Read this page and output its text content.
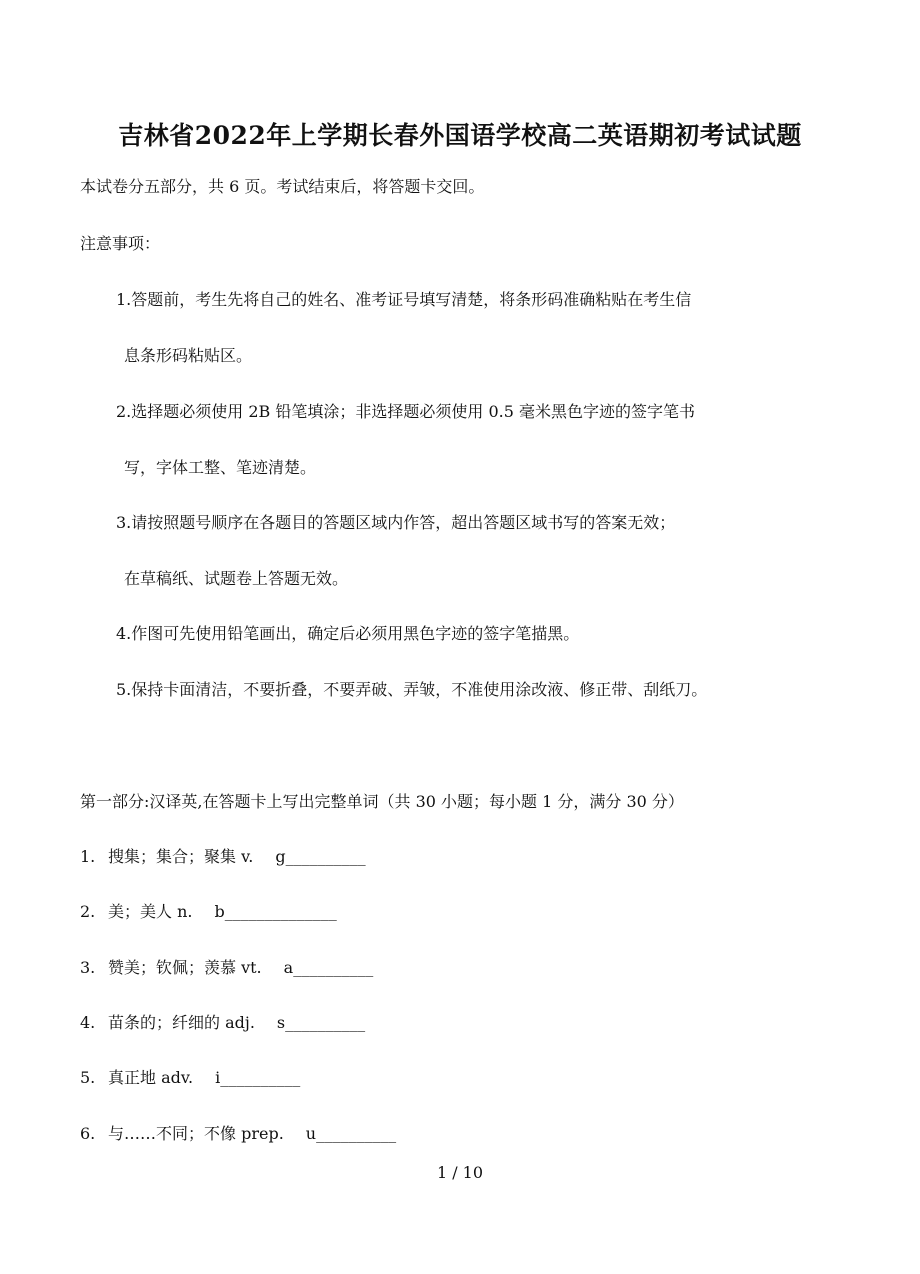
吉林省2022年上学期长春外国语学校高二英语期初考试试题
本试卷分五部分，共 6 页。考试结束后，将答题卡交回。
注意事项：
1.答题前，考生先将自己的姓名、准考证号填写清楚，将条形码准确粘贴在考生信
息条形码粘贴区。
2.选择题必须使用 2B 铅笔填涂；非选择题必须使用 0.5 毫米黑色字迹的签字笔书
写，字体工整、笔迹清楚。
3.请按照题号顺序在各题目的答题区域内作答，超出答题区域书写的答案无效；
在草稿纸、试题卷上答题无效。
4.作图可先使用铅笔画出，确定后必须用黑色字迹的签字笔描黑。
5.保持卡面清洁，不要折叠，不要弄破、弄皱，不准使用涂改液、修正带、刮纸刀。
第一部分:汉译英,在答题卡上写出完整单词（共 30 小题；每小题 1 分，满分 30 分）
1. 搜集；集合；聚集 v. g__________
2. 美；美人 n. b______________
3. 赞美；钦佩；羡慕 vt. a__________
4. 苗条的；纤细的 adj. s__________
5. 真正地 adv. i__________
6. 与……不同；不像 prep. u__________
1 / 10
